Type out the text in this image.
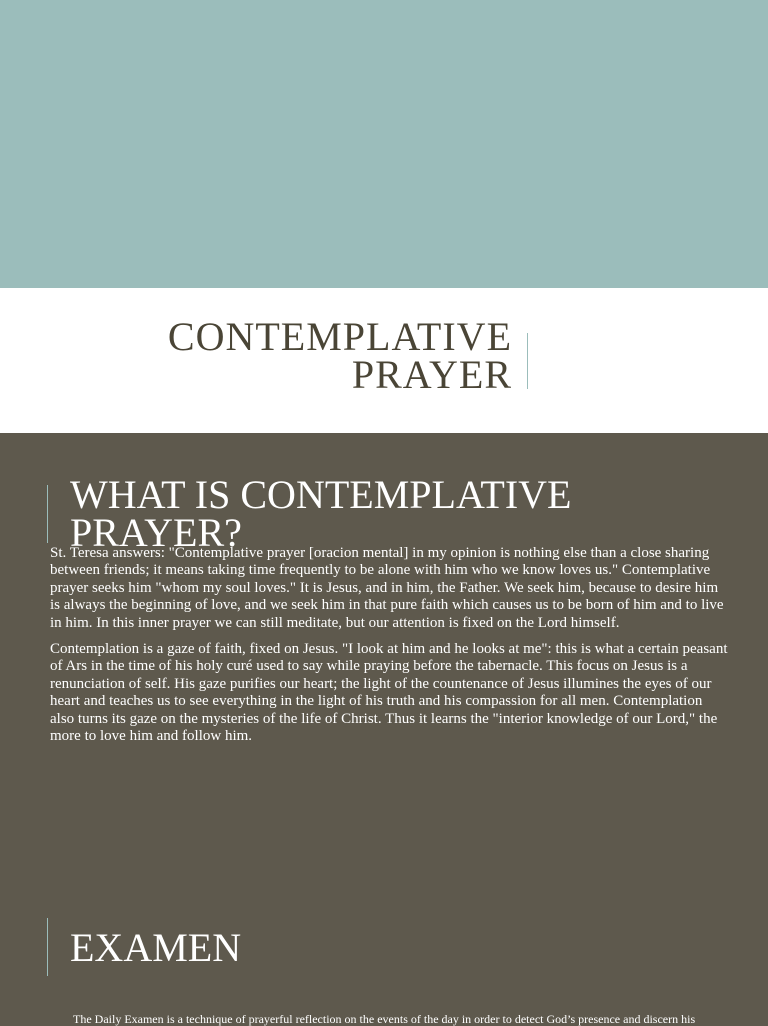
CONTEMPLATIVE
PRAYER
WHAT IS CONTEMPLATIVE PRAYER?

St. Teresa answers: "Contemplative prayer [oracion mental] in my opinion is nothing else than a close sharing between friends; it means taking time frequently to be alone with him who we know loves us." Contemplative prayer seeks him "whom my soul loves." It is Jesus, and in him, the Father. We seek him, because to desire him is always the beginning of love, and we seek him in that pure faith which causes us to be born of him and to live in him. In this inner prayer we can still meditate, but our attention is fixed on the Lord himself.

Contemplation is a gaze of faith, fixed on Jesus. "I look at him and he looks at me": this is what a certain peasant of Ars in the time of his holy curé used to say while praying before the tabernacle. This focus on Jesus is a renunciation of self. His gaze purifies our heart; the light of the countenance of Jesus illumines the eyes of our heart and teaches us to see everything in the light of his truth and his compassion for all men. Contemplation also turns its gaze on the mysteries of the life of Christ. Thus it learns the "interior knowledge of our Lord," the more to love him and follow him.

EXAMEN
The Daily Examen is a technique of prayerful reflection on the events of the day in order to detect God’s presence and discern his
